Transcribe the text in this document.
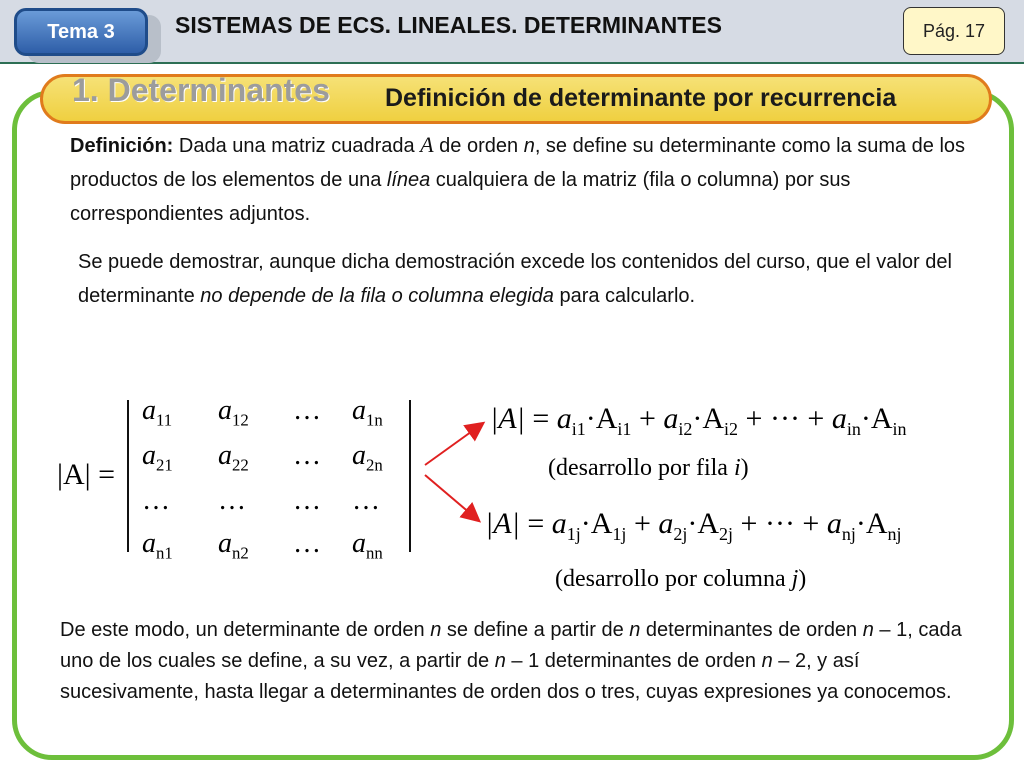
Tema 3	SISTEMAS DE ECS. LINEALES. DETERMINANTES	Pág. 17
1. Determinantes Definición de determinante por recurrencia
Definición: Dada una matriz cuadrada A de orden n, se define su determinante como la suma de los productos de los elementos de una línea cualquiera de la matriz (fila o columna) por sus correspondientes adjuntos.
Se puede demostrar, aunque dicha demostración excede los contenidos del curso, que el valor del determinante no depende de la fila o columna elegida para calcularlo.
|A| =
$a_{11}$ $a_{12}$ … $a_{1n}$
$a_{21}$ $a_{22}$ … $a_{2n}$
… … … …
$a_{n1}$ $a_{n2}$ … $a_{nn}$
$|A| = a_{i1}\cdot A_{i1} + a_{i2}\cdot A_{i2}$ + ··· + $a_{in}\cdot A_{in}$
(desarrollo por fila i)
$|A| = a_{1j}\cdot A_{1j} + a_{2j}\cdot A_{2j}$ + ··· + $a_{nj}\cdot A_{nj}$
(desarrollo por columna j)
De este modo, un determinante de orden n se define a partir de n determinantes de orden n – 1, cada uno de los cuales se define, a su vez, a partir de n – 1 determinantes de orden n – 2, y así sucesivamente, hasta llegar a determinantes de orden dos o tres, cuyas expresiones ya conocemos.
